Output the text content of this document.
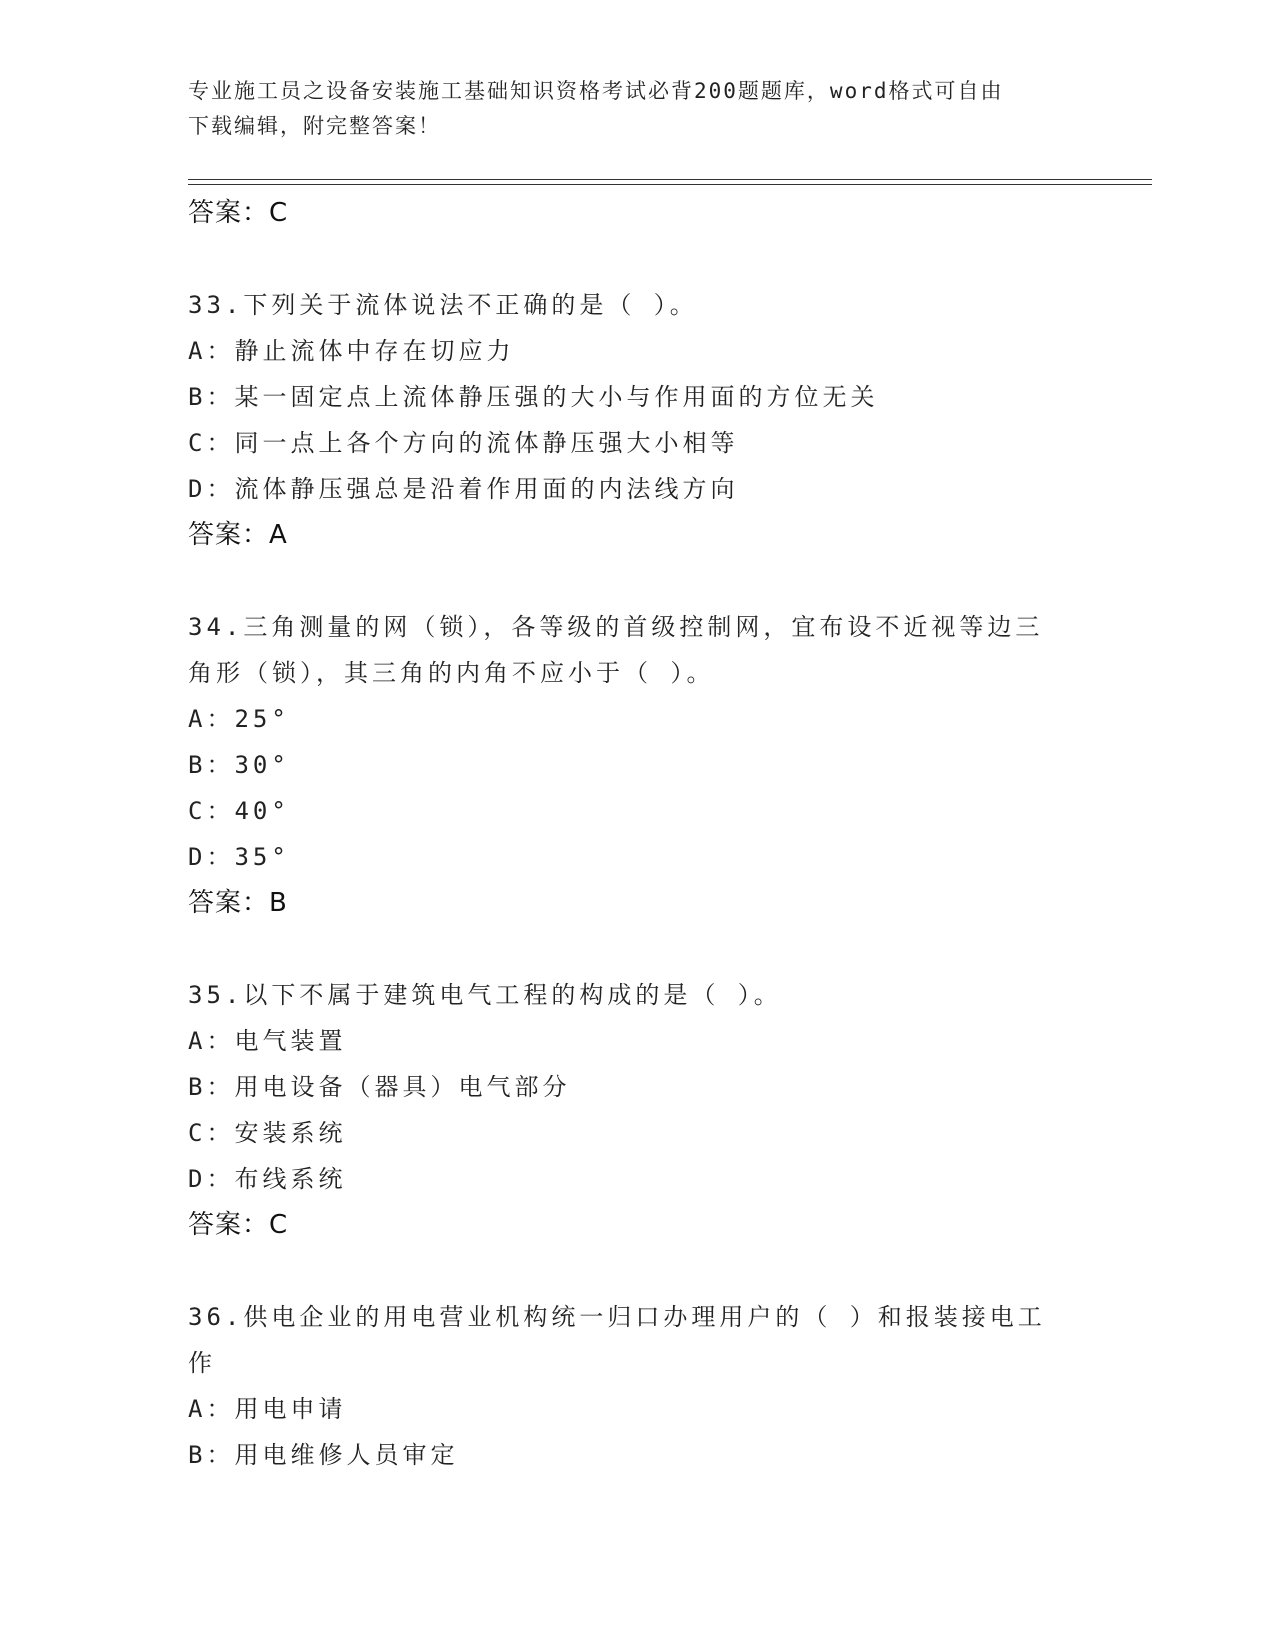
专业施工员之设备安装施工基础知识资格考试必背200题题库，word格式可自由
下载编辑，附完整答案！
答案：C
33.下列关于流体说法不正确的是（ ）。
A：静止流体中存在切应力
B：某一固定点上流体静压强的大小与作用面的方位无关
C：同一点上各个方向的流体静压强大小相等
D：流体静压强总是沿着作用面的内法线方向
答案：A
34.三角测量的网（锁），各等级的首级控制网，宜布设不近视等边三
角形（锁），其三角的内角不应小于（ ）。
A：25°
B：30°
C：40°
D：35°
答案：B
35.以下不属于建筑电气工程的构成的是（ ）。
A：电气装置
B：用电设备（器具）电气部分
C：安装系统
D：布线系统
答案：C
36.供电企业的用电营业机构统一归口办理用户的（ ）和报装接电工
作
A：用电申请
B：用电维修人员审定
